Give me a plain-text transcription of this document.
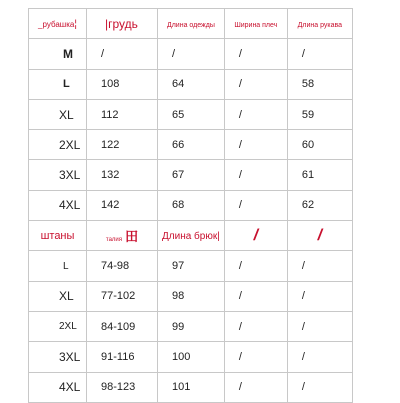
_рубашка¦	|грудь	Длина одежды	Ширина плеч	Длина рукава
M	/	/	/	/
L	108	64	/	58
XL	112	65	/	59
2XL	122	66	/	60
3XL	132	67	/	61
4XL	142	68	/	62
штаны	талия 田	Длина брюк|	/	/
L	74-98	97	/	/
XL	77-102	98	/	/
2XL	84-109	99	/	/
3XL	91-116	100	/	/
4XL	98-123	101	/	/
